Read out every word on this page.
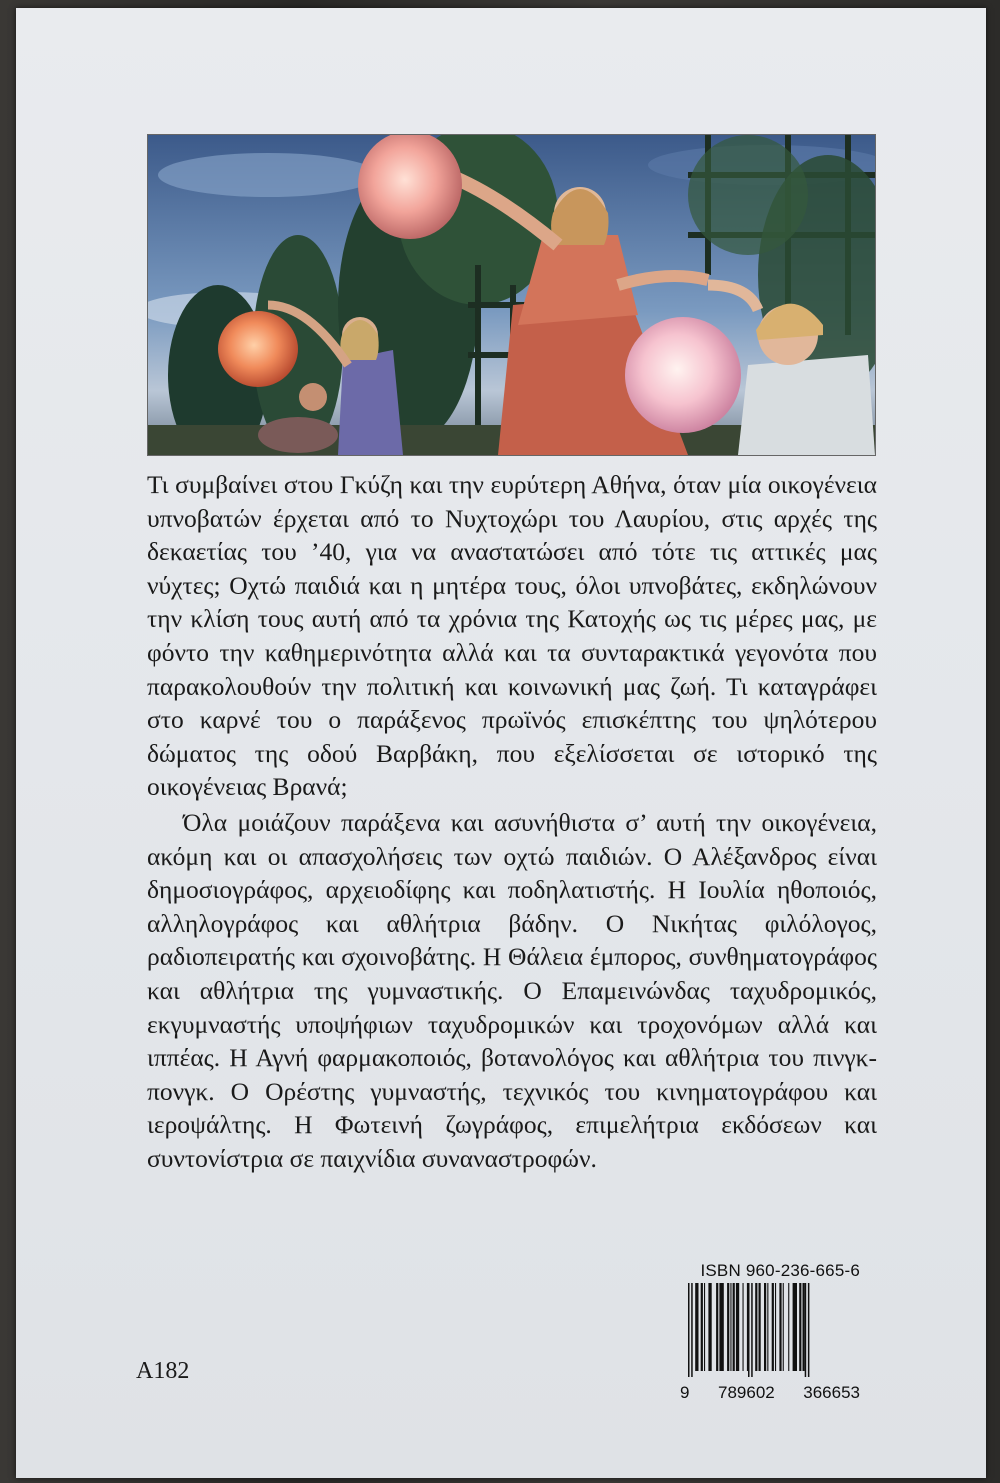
Τι συμβαίνει στου Γκύζη και την ευρύτερη Αθήνα, όταν μία οικογένεια υπνοβατών έρχεται από το Νυχτοχώρι του Λαυρίου, στις αρχές της δεκαετίας του ’40, για να αναστατώσει από τότε τις αττικές μας νύχτες; Οχτώ παιδιά και η μητέρα τους, όλοι υπνοβάτες, εκδηλώνουν την κλίση τους αυτή από τα χρόνια της Κατοχής ως τις μέρες μας, με φόντο την καθημερινότητα αλλά και τα συνταρακτικά γεγονότα που παρακολουθούν την πολιτική και κοινωνική μας ζωή. Τι καταγράφει στο καρνέ του ο παράξενος πρωϊνός επισκέπτης του ψηλότερου δώματος της οδού Βαρβάκη, που εξελίσσεται σε ιστορικό της οικογένειας Βρανά;

Όλα μοιάζουν παράξενα και ασυνήθιστα σ’ αυτή την οικογένεια, ακόμη και οι απασχολήσεις των οχτώ παιδιών. Ο Αλέξανδρος είναι δημοσιογράφος, αρχειοδίφης και ποδηλατιστής. Η Ιουλία ηθοποιός, αλληλογράφος και αθλήτρια βάδην. Ο Νικήτας φιλόλογος, ραδιοπειρατής και σχοινοβάτης. Η Θάλεια έμπορος, συνθηματογράφος και αθλήτρια της γυμναστικής. Ο Επαμεινώνδας ταχυδρομικός, εκγυμναστής υποψήφιων ταχυδρομικών και τροχονόμων αλλά και ιππέας. Η Αγνή φαρμακοποιός, βοτανολόγος και αθλήτρια του πινγκ-πονγκ. Ο Ορέστης γυμναστής, τεχνικός του κινηματογράφου και ιεροψάλτης. Η Φωτεινή ζωγράφος, επιμελήτρια εκδόσεων και συντονίστρια σε παιχνίδια συναναστροφών.

A182
ISBN 960-236-665-6
9 789602 366653
